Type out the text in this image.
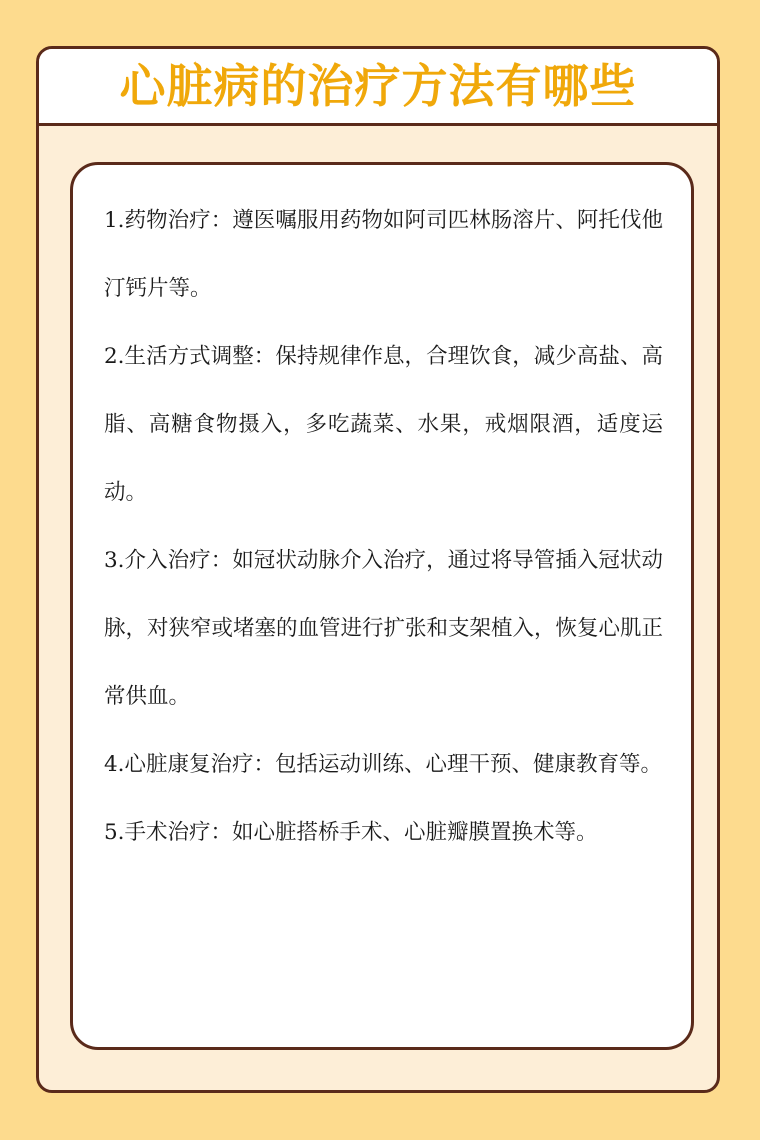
心脏病的治疗方法有哪些

1.药物治疗：遵医嘱服用药物如阿司匹林肠溶片、阿托伐他汀钙片等。

2.生活方式调整：保持规律作息，合理饮食，减少高盐、高脂、高糖食物摄入，多吃蔬菜、水果，戒烟限酒，适度运动。

3.介入治疗：如冠状动脉介入治疗，通过将导管插入冠状动脉，对狭窄或堵塞的血管进行扩张和支架植入，恢复心肌正常供血。

4.心脏康复治疗：包括运动训练、心理干预、健康教育等。

5.手术治疗：如心脏搭桥手术、心脏瓣膜置换术等。
